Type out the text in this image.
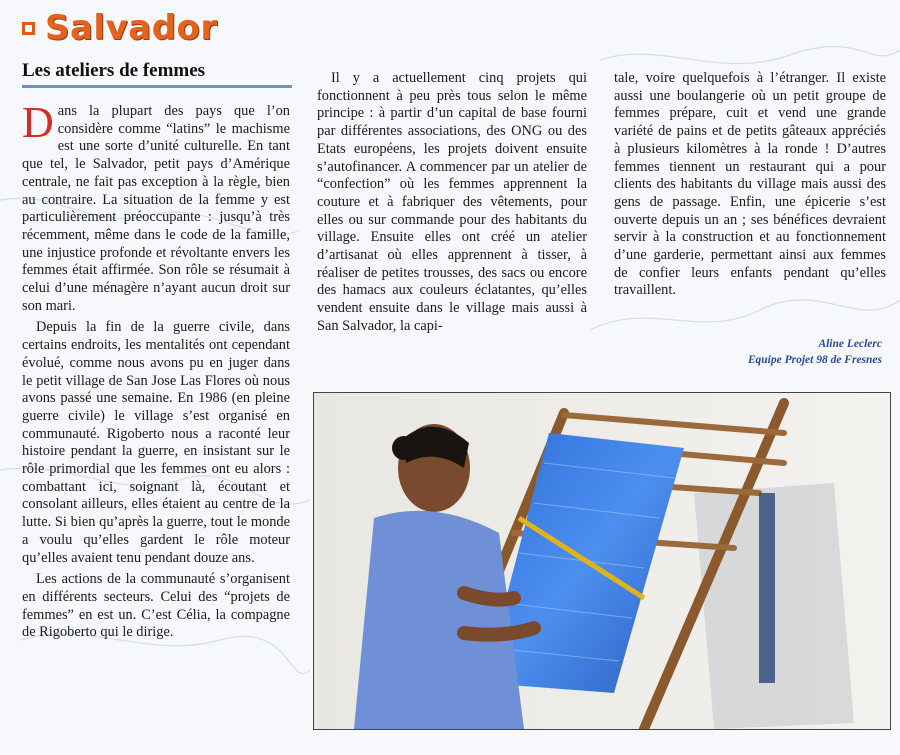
Salvador
Les ateliers de femmes

Dans la plupart des pays que l’on considère comme “latins” le machisme est une sorte d’unité culturelle. En tant que tel, le Salvador, petit pays d’Amérique centrale, ne fait pas exception à la règle, bien au contraire. La situation de la femme y est particulièrement préoccupante : jusqu’à très récemment, même dans le code de la famille, une injustice profonde et révoltante envers les femmes était affirmée. Son rôle se résumait à celui d’une ménagère n’ayant aucun droit sur son mari.

Depuis la fin de la guerre civile, dans certains endroits, les mentalités ont cependant évolué, comme nous avons pu en juger dans le petit village de San Jose Las Flores où nous avons passé une semaine. En 1986 (en pleine guerre civile) le village s’est organisé en communauté. Rigoberto nous a raconté leur histoire pendant la guerre, en insistant sur le rôle primordial que les femmes ont eu alors : combattant ici, soignant là, écoutant et consolant ailleurs, elles étaient au centre de la lutte. Si bien qu’après la guerre, tout le monde a voulu qu’elles gardent le rôle moteur qu’elles avaient tenu pendant douze ans.

Les actions de la communauté s’organisent en différents secteurs. Celui des “projets de femmes” en est un. C’est Célia, la compagne de Rigoberto qui le dirige.

Il y a actuellement cinq projets qui fonctionnent à peu près tous selon le même principe : à partir d’un capital de base fourni par différentes associations, des ONG ou des Etats européens, les projets doivent ensuite s’autofinancer. A commencer par un atelier de “confection” où les femmes apprennent la couture et à fabriquer des vêtements, pour elles ou sur commande pour des habitants du village. Ensuite elles ont créé un atelier d’artisanat où elles apprennent à tisser, à réaliser de petites trousses, des sacs ou encore des hamacs aux couleurs éclatantes, qu’elles vendent ensuite dans le village mais aussi à San Salvador, la capi-

tale, voire quelquefois à l’étranger. Il existe aussi une boulangerie où un petit groupe de femmes prépare, cuit et vend une grande variété de pains et de petits gâteaux appréciés à plusieurs kilomètres à la ronde ! D’autres femmes tiennent un restaurant qui a pour clients des habitants du village mais aussi des gens de passage. Enfin, une épicerie s’est ouverte depuis un an ; ses bénéfices devraient servir à la construction et au fonctionnement d’une garderie, permettant ainsi aux femmes de confier leurs enfants pendant qu’elles travaillent.

Aline Leclerc
Equipe Projet 98 de Fresnes
